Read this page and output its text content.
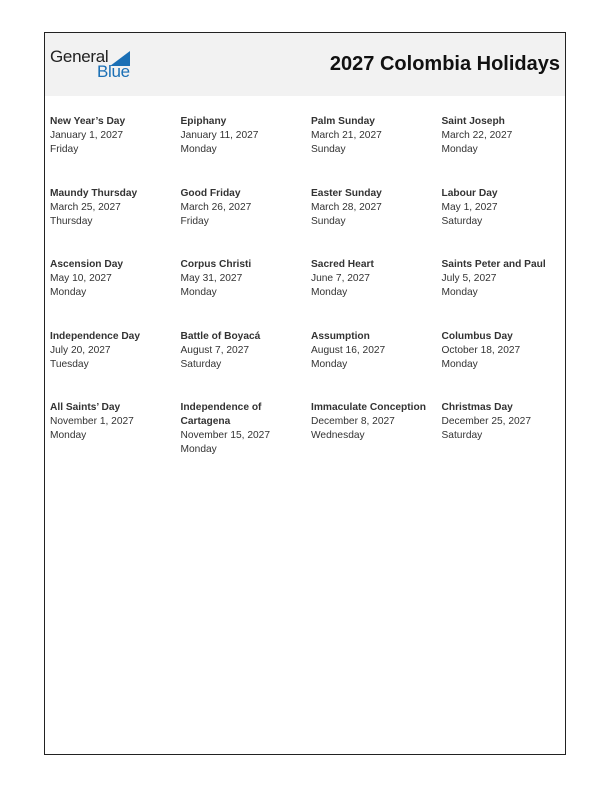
General
Blue	2027 Colombia Holidays
New Year’s Day
January 1, 2027
Friday
Epiphany
January 11, 2027
Monday
Palm Sunday
March 21, 2027
Sunday
Saint Joseph
March 22, 2027
Monday
Maundy Thursday
March 25, 2027
Thursday
Good Friday
March 26, 2027
Friday
Easter Sunday
March 28, 2027
Sunday
Labour Day
May 1, 2027
Saturday
Ascension Day
May 10, 2027
Monday
Corpus Christi
May 31, 2027
Monday
Sacred Heart
June 7, 2027
Monday
Saints Peter and Paul
July 5, 2027
Monday
Independence Day
July 20, 2027
Tuesday
Battle of Boyacá
August 7, 2027
Saturday
Assumption
August 16, 2027
Monday
Columbus Day
October 18, 2027
Monday
All Saints’ Day
November 1, 2027
Monday
Independence of Cartagena
November 15, 2027
Monday
Immaculate Conception
December 8, 2027
Wednesday
Christmas Day
December 25, 2027
Saturday
